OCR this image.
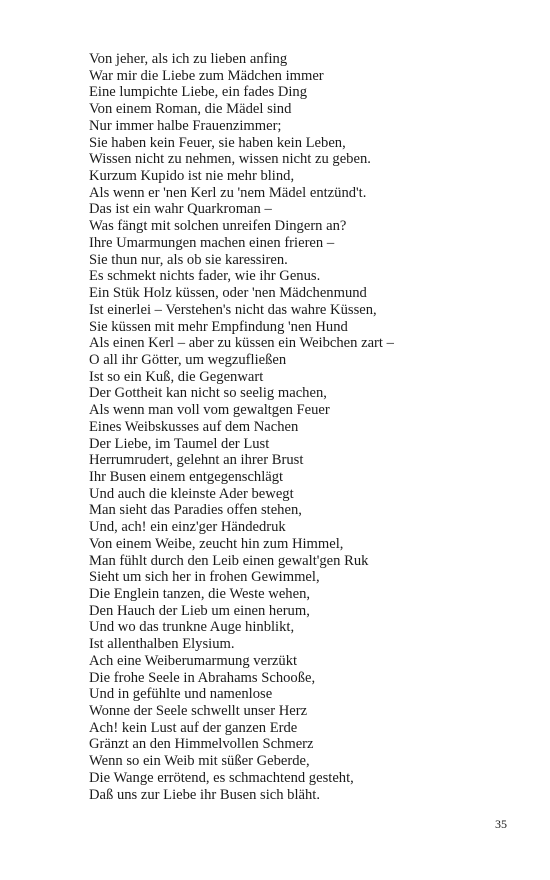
Von jeher, als ich zu lieben anfing
War mir die Liebe zum Mädchen immer
Eine lumpichte Liebe, ein fades Ding
Von einem Roman, die Mädel sind
Nur immer halbe Frauenzimmer;
Sie haben kein Feuer, sie haben kein Leben,
Wissen nicht zu nehmen, wissen nicht zu geben.
Kurzum Kupido ist nie mehr blind,
Als wenn er 'nen Kerl zu 'nem Mädel entzünd't.
Das ist ein wahr Quarkroman –
Was fängt mit solchen unreifen Dingern an?
Ihre Umarmungen machen einen frieren –
Sie thun nur, als ob sie karessiren.
Es schmekt nichts fader, wie ihr Genus.
Ein Stük Holz küssen, oder 'nen Mädchenmund
Ist einerlei – Verstehen's nicht das wahre Küssen,
Sie küssen mit mehr Empfindung 'nen Hund
Als einen Kerl – aber zu küssen ein Weibchen zart –
O all ihr Götter, um wegzufließen
Ist so ein Kuß, die Gegenwart
Der Gottheit kan nicht so seelig machen,
Als wenn man voll vom gewaltgen Feuer
Eines Weibskusses auf dem Nachen
Der Liebe, im Taumel der Lust
Herrumrudert, gelehnt an ihrer Brust
Ihr Busen einem entgegenschlägt
Und auch die kleinste Ader bewegt
Man sieht das Paradies offen stehen,
Und, ach! ein einz'ger Händedruk
Von einem Weibe, zeucht hin zum Himmel,
Man fühlt durch den Leib einen gewalt'gen Ruk
Sieht um sich her in frohen Gewimmel,
Die Englein tanzen, die Weste wehen,
Den Hauch der Lieb um einen herum,
Und wo das trunkne Auge hinblikt,
Ist allenthalben Elysium.
Ach eine Weiberumarmung verzükt
Die frohe Seele in Abrahams Schooße,
Und in gefühlte und namenlose
Wonne der Seele schwellt unser Herz
Ach! kein Lust auf der ganzen Erde
Gränzt an den Himmelvollen Schmerz
Wenn so ein Weib mit süßer Geberde,
Die Wange errötend, es schmachtend gesteht,
Daß uns zur Liebe ihr Busen sich bläht.
35
